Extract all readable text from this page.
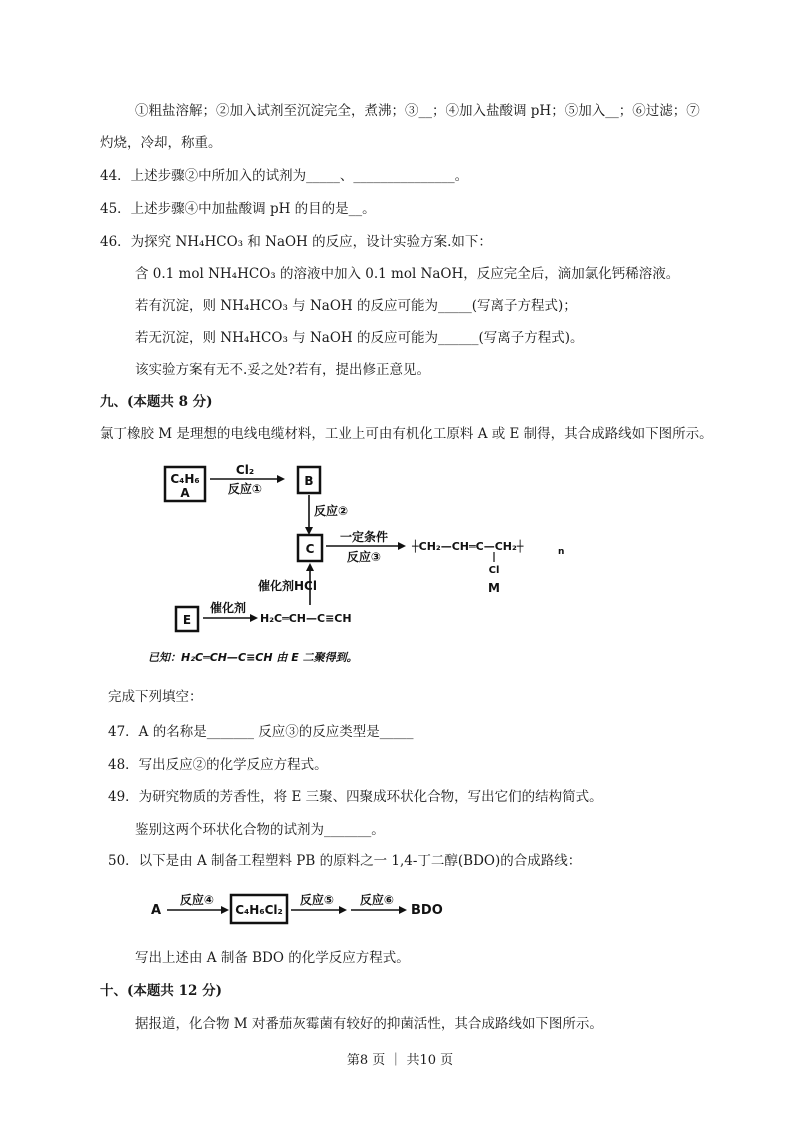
①粗盐溶解；②加入试剂至沉淀完全，煮沸；③__；④加入盐酸调 pH；⑤加入__；⑥过滤；⑦
灼烧，冷却，称重。
44．上述步骤②中所加入的试剂为_____、_______________。
45．上述步骤④中加盐酸调 pH 的目的是__。
46．为探究 NH₄HCO₃ 和 NaOH 的反应，设计实验方案.如下：
含 0.1 mol NH₄HCO₃ 的溶液中加入 0.1 mol NaOH，反应完全后，滴加氯化钙稀溶液。
若有沉淀，则 NH₄HCO₃ 与 NaOH 的反应可能为_____(写离子方程式)；
若无沉淀，则 NH₄HCO₃ 与 NaOH 的反应可能为______(写离子方程式)。
该实验方案有无不.妥之处?若有，提出修正意见。
九、(本题共 8 分)
氯丁橡胶 M 是理想的电线电缆材料，工业上可由有机化工原料 A 或 E 制得，其合成路线如下图所示。
C₄H₆
A
Cl₂
反应①
B
反应②
C
一定条件
反应③
┼CH₂—CH═C—CH₂┼	n
Cl
M
催化剂HCl
E
催化剂
H₂C═CH—C≡CH
已知：H₂C═CH—C≡CH 由 E 二聚得到。
完成下列填空：
47．A 的名称是_______ 反应③的反应类型是_____
48．写出反应②的化学反应方程式。
49．为研究物质的芳香性，将 E 三聚、四聚成环状化合物，写出它们的结构简式。
鉴别这两个环状化合物的试剂为_______。
50．以下是由 A 制备工程塑料 PB 的原料之一 1,4-丁二醇(BDO)的合成路线：
A
反应④
C₄H₆Cl₂
反应⑤ 反应⑥
BDO
写出上述由 A 制备 BDO 的化学反应方程式。
十、(本题共 12 分)
据报道，化合物 M 对番茄灰霉菌有较好的抑菌活性，其合成路线如下图所示。
第8 页 ｜ 共10 页
